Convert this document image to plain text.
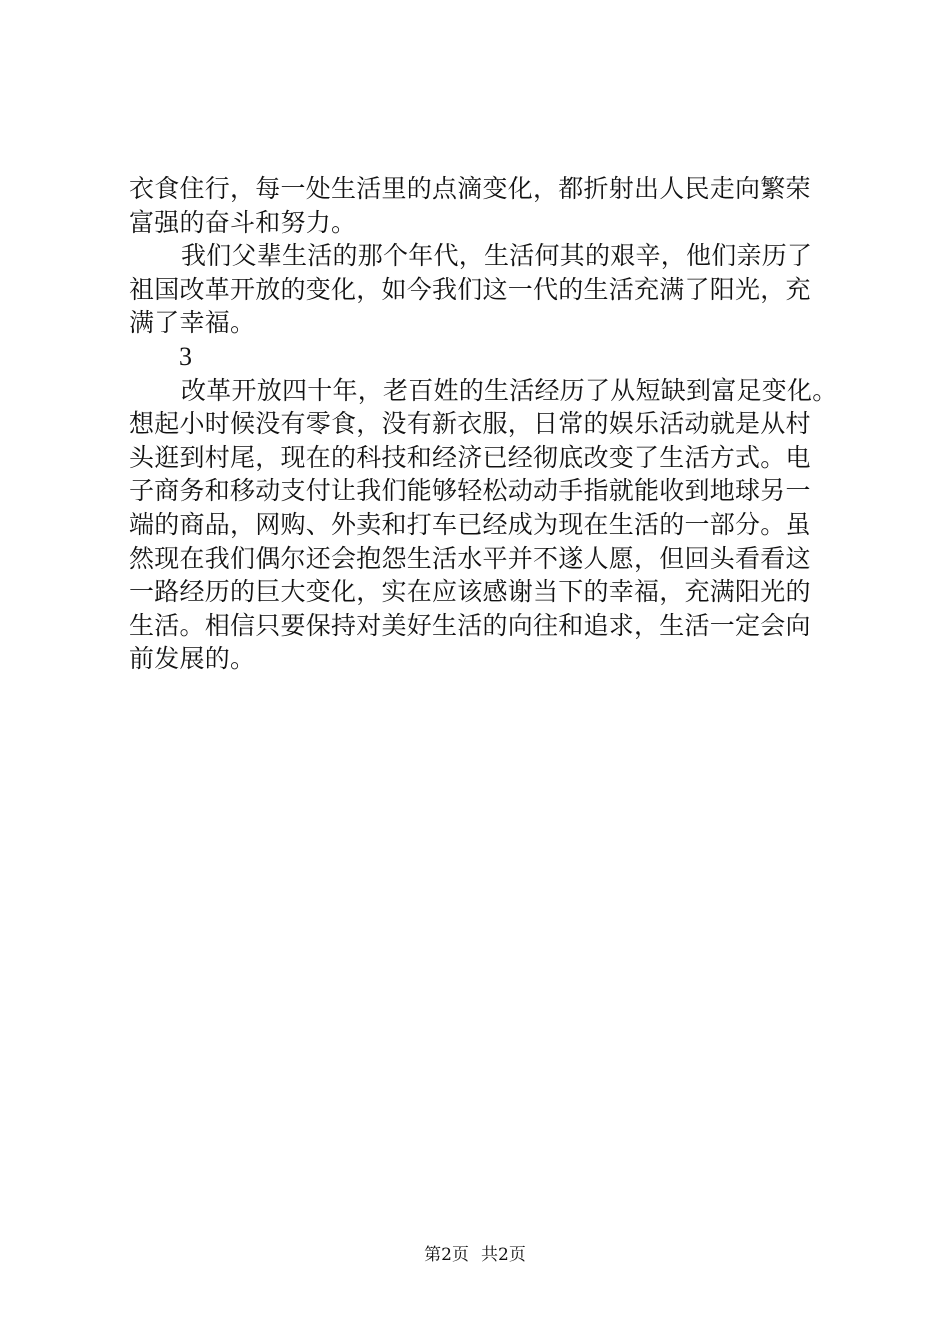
衣食住行，每一处生活里的点滴变化，都折射出人民走向繁荣
富强的奋斗和努力。
我们父辈生活的那个年代，生活何其的艰辛，他们亲历了
祖国改革开放的变化，如今我们这一代的生活充满了阳光，充
满了幸福。
3
改革开放四十年，老百姓的生活经历了从短缺到富足变化。
想起小时候没有零食，没有新衣服，日常的娱乐活动就是从村
头逛到村尾，现在的科技和经济已经彻底改变了生活方式。电
子商务和移动支付让我们能够轻松动动手指就能收到地球另一
端的商品，网购、外卖和打车已经成为现在生活的一部分。虽
然现在我们偶尔还会抱怨生活水平并不遂人愿，但回头看看这
一路经历的巨大变化，实在应该感谢当下的幸福，充满阳光的
生活。相信只要保持对美好生活的向往和追求，生活一定会向
前发展的。
第2页 共2页
